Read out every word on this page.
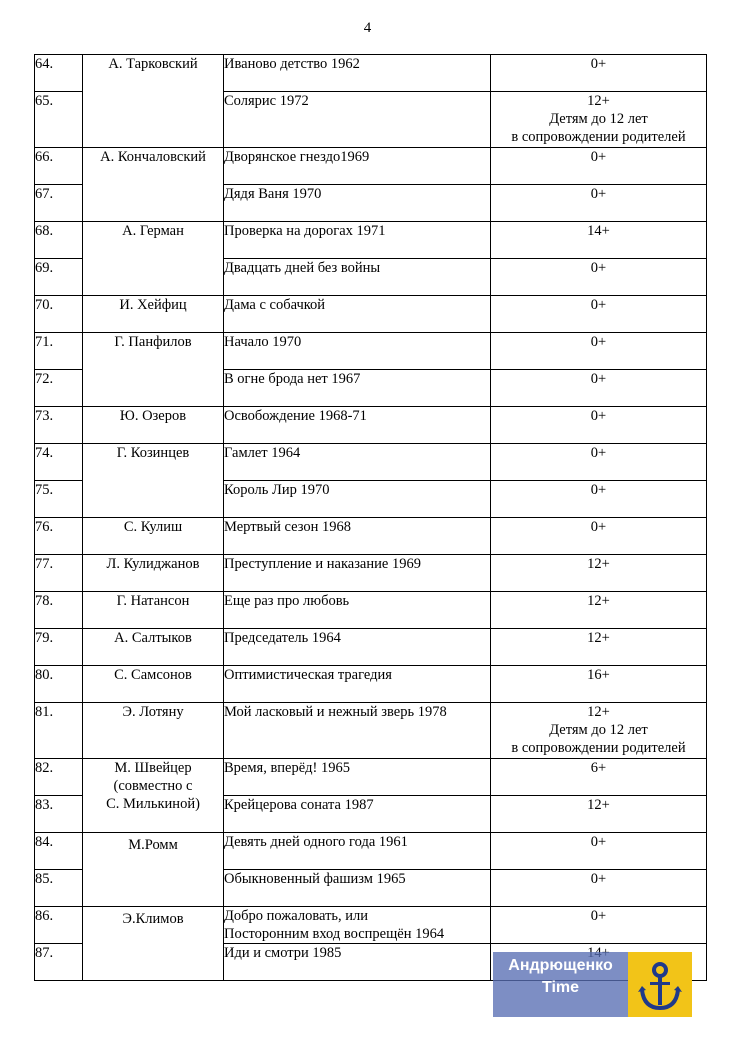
4
64.	А. Тарковский	Иваново детство 1962	0+

65.		Солярис 1972	12+
Детям до 12 лет
в сопровождении родителей

66.	А. Кончаловский	Дворянское гнездо1969	0+

67.		Дядя Ваня 1970	0+

68.	А. Герман	Проверка на дорогах 1971	14+

69.		Двадцать дней без войны	0+

70.	И. Хейфиц	Дама с собачкой	0+

71.	Г. Панфилов	Начало 1970	0+

72.		В огне брода нет 1967	0+

73.	Ю. Озеров	Освобождение 1968-71	0+

74.	Г. Козинцев	Гамлет 1964	0+

75.		Король Лир 1970	0+

76.	С. Кулиш	Мертвый сезон 1968	0+

77.	Л. Кулиджанов	Преступление и наказание 1969	12+

78.	Г. Натансон	Еще раз про любовь	12+

79.	А. Салтыков	Председатель 1964	12+

80.	С. Самсонов	Оптимистическая трагедия	16+

81.	Э. Лотяну	Мой ласковый и нежный зверь 1978	12+
Детям до 12 лет
в сопровождении родителей

82.	М. Швейцер
(совместно с
С. Милькиной)	Время, вперёд! 1965	6+

83.		Крейцерова соната 1987	12+

84.	М.Ромм	Девять дней одного года 1961	0+

85.		Обыкновенный фашизм 1965	0+

86.	Э.Климов	Добро пожаловать, или
Посторонним вход воспрещён 1964	0+

87.		Иди и смотри 1985	
Андрющенко
Time
